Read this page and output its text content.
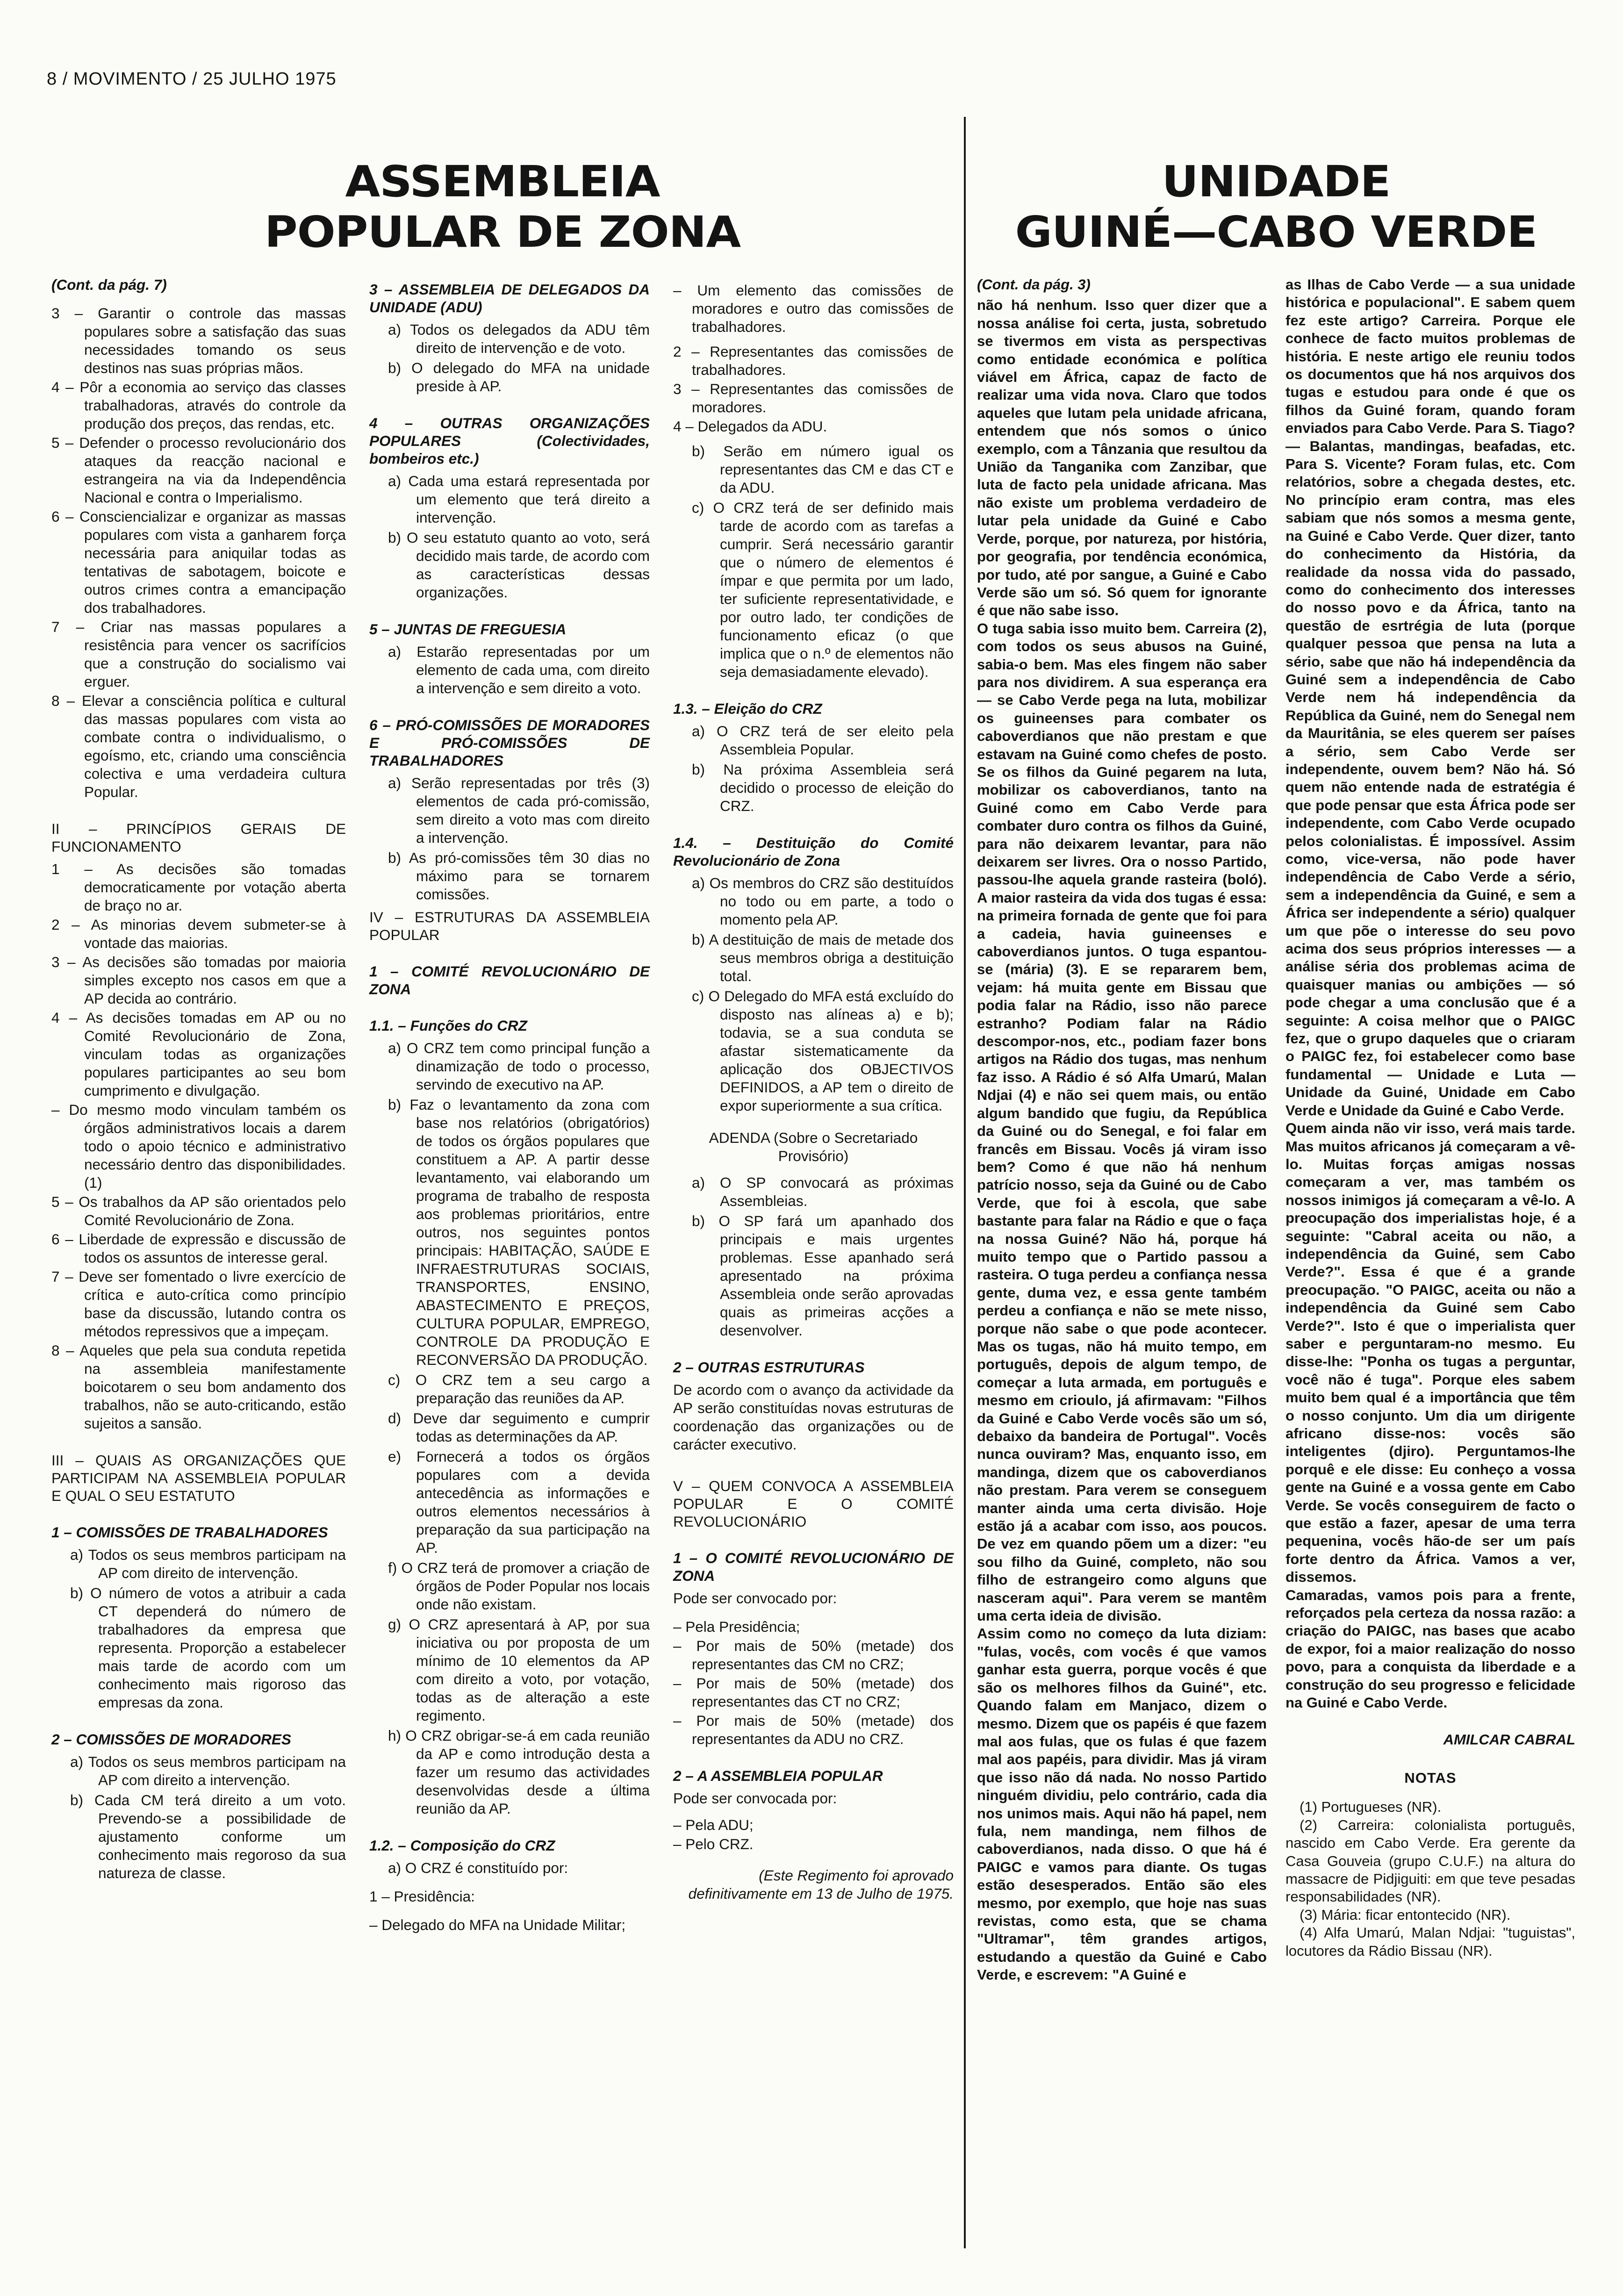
8 / MOVIMENTO / 25 JULHO 1975
ASSEMBLEIA
POPULAR DE ZONA
UNIDADE
GUINÉ—CABO VERDE

(Cont. da pág. 7)

3 – Garantir o controle das massas populares sobre a satisfação das suas necessidades tomando os seus destinos nas suas próprias mãos.

4 – Pôr a economia ao serviço das classes trabalhadoras, através do controle da produção dos preços, das rendas, etc.

5 – Defender o processo revolucionário dos ataques da reacção nacional e estrangeira na via da Independência Nacional e contra o Imperialismo.

6 – Consciencializar e organizar as massas populares com vista a ganharem força necessária para aniquilar todas as tentativas de sabotagem, boicote e outros crimes contra a emancipação dos trabalhadores.

7 – Criar nas massas populares a resistência para vencer os sacrifícios que a construção do socialismo vai erguer.

8 – Elevar a consciência política e cultural das massas populares com vista ao combate contra o individualismo, o egoísmo, etc, criando uma consciência colectiva e uma verdadeira cultura Popular.

II – PRINCÍPIOS GERAIS DE FUNCIONAMENTO

1 – As decisões são tomadas democraticamente por votação aberta de braço no ar.

2 – As minorias devem submeter-se à vontade das maiorias.

3 – As decisões são tomadas por maioria simples excepto nos casos em que a AP decida ao contrário.

4 – As decisões tomadas em AP ou no Comité Revolucionário de Zona, vinculam todas as organizações populares participantes ao seu bom cumprimento e divulgação.

– Do mesmo modo vinculam também os órgãos administrativos locais a darem todo o apoio técnico e administrativo necessário dentro das disponibilidades. (1)

5 – Os trabalhos da AP são orientados pelo Comité Revolucionário de Zona.

6 – Liberdade de expressão e discussão de todos os assuntos de interesse geral.

7 – Deve ser fomentado o livre exercício de crítica e auto-crítica como princípio base da discussão, lutando contra os métodos repressivos que a impeçam.

8 – Aqueles que pela sua conduta repetida na assembleia manifestamente boicotarem o seu bom andamento dos trabalhos, não se auto-criticando, estão sujeitos a sansão.

III – QUAIS AS ORGANIZAÇÕES QUE PARTICIPAM NA ASSEMBLEIA POPULAR E QUAL O SEU ESTATUTO

1 – COMISSÕES DE TRABALHADORES

a) Todos os seus membros participam na AP com direito de intervenção.

b) O número de votos a atribuir a cada CT dependerá do número de trabalhadores da empresa que representa. Proporção a estabelecer mais tarde de acordo com um conhecimento mais rigoroso das empresas da zona.

2 – COMISSÕES DE MORADORES

a) Todos os seus membros participam na AP com direito a intervenção.

b) Cada CM terá direito a um voto. Prevendo-se a possibilidade de ajustamento conforme um conhecimento mais regoroso da sua natureza de classe.

3 – ASSEMBLEIA DE DELEGADOS DA UNIDADE (ADU)

a) Todos os delegados da ADU têm direito de intervenção e de voto.

b) O delegado do MFA na unidade preside à AP.

4 – OUTRAS ORGANIZAÇÕES POPULARES (Colectividades, bombeiros etc.)

a) Cada uma estará representada por um elemento que terá direito a intervenção.

b) O seu estatuto quanto ao voto, será decidido mais tarde, de acordo com as características dessas organizações.

5 – JUNTAS DE FREGUESIA

a) Estarão representadas por um elemento de cada uma, com direito a intervenção e sem direito a voto.

6 – PRÓ-COMISSÕES DE MORADORES E PRÓ-COMISSÕES DE TRABALHADORES

a) Serão representadas por três (3) elementos de cada pró-comissão, sem direito a voto mas com direito a intervenção.

b) As pró-comissões têm 30 dias no máximo para se tornarem comissões.

IV – ESTRUTURAS DA ASSEMBLEIA POPULAR

1 – COMITÉ REVOLUCIONÁRIO DE ZONA

1.1. – Funções do CRZ

a) O CRZ tem como principal função a dinamização de todo o processo, servindo de executivo na AP.

b) Faz o levantamento da zona com base nos relatórios (obrigatórios) de todos os órgãos populares que constituem a AP. A partir desse levantamento, vai elaborando um programa de trabalho de resposta aos problemas prioritários, entre outros, nos seguintes pontos principais: HABITAÇÃO, SAÚDE E INFRAESTRUTURAS SOCIAIS, TRANSPORTES, ENSINO, ABASTECIMENTO E PREÇOS, CULTURA POPULAR, EMPREGO, CONTROLE DA PRODUÇÃO E RECONVERSÃO DA PRODUÇÃO.

c) O CRZ tem a seu cargo a preparação das reuniões da AP.

d) Deve dar seguimento e cumprir todas as determinações da AP.

e) Fornecerá a todos os órgãos populares com a devida antecedência as informações e outros elementos necessários à preparação da sua participação na AP.

f) O CRZ terá de promover a criação de órgãos de Poder Popular nos locais onde não existam.

g) O CRZ apresentará à AP, por sua iniciativa ou por proposta de um mínimo de 10 elementos da AP com direito a voto, por votação, todas as de alteração a este regimento.

h) O CRZ obrigar-se-á em cada reunião da AP e como introdução desta a fazer um resumo das actividades desenvolvidas desde a última reunião da AP.

1.2. – Composição do CRZ

a) O CRZ é constituído por:

1 – Presidência:

– Delegado do MFA na Unidade Militar;

– Um elemento das comissões de moradores e outro das comissões de trabalhadores.

2 – Representantes das comissões de trabalhadores.

3 – Representantes das comissões de moradores.

4 – Delegados da ADU.

b) Serão em número igual os representantes das CM e das CT e da ADU.

c) O CRZ terá de ser definido mais tarde de acordo com as tarefas a cumprir. Será necessário garantir que o número de elementos é ímpar e que permita por um lado, ter suficiente representatividade, e por outro lado, ter condições de funcionamento eficaz (o que implica que o n.º de elementos não seja demasiadamente elevado).

1.3. – Eleição do CRZ

a) O CRZ terá de ser eleito pela Assembleia Popular.

b) Na próxima Assembleia será decidido o processo de eleição do CRZ.

1.4. – Destituição do Comité Revolucionário de Zona

a) Os membros do CRZ são destituídos no todo ou em parte, a todo o momento pela AP.

b) A destituição de mais de metade dos seus membros obriga a destituição total.

c) O Delegado do MFA está excluído do disposto nas alíneas a) e b); todavia, se a sua conduta se afastar sistematicamente da aplicação dos OBJECTIVOS DEFINIDOS, a AP tem o direito de expor superiormente a sua crítica.

ADENDA (Sobre o Secretariado Provisório)

a) O SP convocará as próximas Assembleias.

b) O SP fará um apanhado dos principais e mais urgentes problemas. Esse apanhado será apresentado na próxima Assembleia onde serão aprovadas quais as primeiras acções a desenvolver.

2 – OUTRAS ESTRUTURAS

De acordo com o avanço da actividade da AP serão constituídas novas estruturas de coordenação das organizações ou de carácter executivo.

V – QUEM CONVOCA A ASSEMBLEIA POPULAR E O COMITÉ REVOLUCIONÁRIO

1 – O COMITÉ REVOLUCIONÁRIO DE ZONA

Pode ser convocado por:

– Pela Presidência;

– Por mais de 50% (metade) dos representantes das CM no CRZ;

– Por mais de 50% (metade) dos representantes das CT no CRZ;

– Por mais de 50% (metade) dos representantes da ADU no CRZ.

2 – A ASSEMBLEIA POPULAR

Pode ser convocada por:

– Pela ADU;

– Pelo CRZ.

(Este Regimento foi aprovado definitivamente em 13 de Julho de 1975.

(Cont. da pág. 3)

não há nenhum. Isso quer dizer que a nossa análise foi certa, justa, sobretudo se tivermos em vista as perspectivas como entidade económica e política viável em África, capaz de facto de realizar uma vida nova. Claro que todos aqueles que lutam pela unidade africana, entendem que nós somos o único exemplo, com a Tânzania que resultou da União da Tanganika com Zanzibar, que luta de facto pela unidade africana. Mas não existe um problema verdadeiro de lutar pela unidade da Guiné e Cabo Verde, porque, por natureza, por história, por geografia, por tendência económica, por tudo, até por sangue, a Guiné e Cabo Verde são um só. Só quem for ignorante é que não sabe isso.

O tuga sabia isso muito bem. Carreira (2), com todos os seus abusos na Guiné, sabia-o bem. Mas eles fingem não saber para nos dividirem. A sua esperança era — se Cabo Verde pega na luta, mobilizar os guineenses para combater os caboverdianos que não prestam e que estavam na Guiné como chefes de posto. Se os filhos da Guiné pegarem na luta, mobilizar os caboverdianos, tanto na Guiné como em Cabo Verde para combater duro contra os filhos da Guiné, para não deixarem levantar, para não deixarem ser livres. Ora o nosso Partido, passou-lhe aquela grande rasteira (boló). A maior rasteira da vida dos tugas é essa: na primeira fornada de gente que foi para a cadeia, havia guineenses e caboverdianos juntos. O tuga espantou-se (mária) (3). E se repararem bem, vejam: há muita gente em Bissau que podia falar na Rádio, isso não parece estranho? Podiam falar na Rádio descompor-nos, etc., podiam fazer bons artigos na Rádio dos tugas, mas nenhum faz isso. A Rádio é só Alfa Umarú, Malan Ndjai (4) e não sei quem mais, ou então algum bandido que fugiu, da República da Guiné ou do Senegal, e foi falar em francês em Bissau. Vocês já viram isso bem? Como é que não há nenhum patrício nosso, seja da Guiné ou de Cabo Verde, que foi à escola, que sabe bastante para falar na Rádio e que o faça na nossa Guiné? Não há, porque há muito tempo que o Partido passou a rasteira. O tuga perdeu a confiança nessa gente, duma vez, e essa gente também perdeu a confiança e não se mete nisso, porque não sabe o que pode acontecer. Mas os tugas, não há muito tempo, em português, depois de algum tempo, de começar a luta armada, em português e mesmo em crioulo, já afirmavam: "Filhos da Guiné e Cabo Verde vocês são um só, debaixo da bandeira de Portugal". Vocês nunca ouviram? Mas, enquanto isso, em mandinga, dizem que os caboverdianos não prestam. Para verem se conseguem manter ainda uma certa divisão. Hoje estão já a acabar com isso, aos poucos. De vez em quando põem um a dizer: "eu sou filho da Guiné, completo, não sou filho de estrangeiro como alguns que nasceram aqui". Para verem se mantêm uma certa ideia de divisão.

Assim como no começo da luta diziam: "fulas, vocês, com vocês é que vamos ganhar esta guerra, porque vocês é que são os melhores filhos da Guiné", etc. Quando falam em Manjaco, dizem o mesmo. Dizem que os papéis é que fazem mal aos fulas, que os fulas é que fazem mal aos papéis, para dividir. Mas já viram que isso não dá nada. No nosso Partido ninguém dividiu, pelo contrário, cada dia nos unimos mais. Aqui não há papel, nem fula, nem mandinga, nem filhos de caboverdianos, nada disso. O que há é PAIGC e vamos para diante. Os tugas estão desesperados. Então são eles mesmo, por exemplo, que hoje nas suas revistas, como esta, que se chama "Ultramar", têm grandes artigos, estudando a questão da Guiné e Cabo Verde, e escrevem: "A Guiné e

as Ilhas de Cabo Verde — a sua unidade histórica e populacional". E sabem quem fez este artigo? Carreira. Porque ele conhece de facto muitos problemas de história. E neste artigo ele reuniu todos os documentos que há nos arquivos dos tugas e estudou para onde é que os filhos da Guiné foram, quando foram enviados para Cabo Verde. Para S. Tiago? — Balantas, mandingas, beafadas, etc. Para S. Vicente? Foram fulas, etc. Com relatórios, sobre a chegada destes, etc. No princípio eram contra, mas eles sabiam que nós somos a mesma gente, na Guiné e Cabo Verde. Quer dizer, tanto do conhecimento da História, da realidade da nossa vida do passado, como do conhecimento dos interesses do nosso povo e da África, tanto na questão de esrtrégia de luta (porque qualquer pessoa que pensa na luta a sério, sabe que não há independência da Guiné sem a independência de Cabo Verde nem há independência da República da Guiné, nem do Senegal nem da Mauritânia, se eles querem ser países a sério, sem Cabo Verde ser independente, ouvem bem? Não há. Só quem não entende nada de estratégia é que pode pensar que esta África pode ser independente, com Cabo Verde ocupado pelos colonialistas. É impossível. Assim como, vice-versa, não pode haver independência de Cabo Verde a sério, sem a independência da Guiné, e sem a África ser independente a sério) qualquer um que põe o interesse do seu povo acima dos seus próprios interesses — a análise séria dos problemas acima de quaisquer manias ou ambições — só pode chegar a uma conclusão que é a seguinte: A coisa melhor que o PAIGC fez, que o grupo daqueles que o criaram o PAIGC fez, foi estabelecer como base fundamental — Unidade e Luta — Unidade da Guiné, Unidade em Cabo Verde e Unidade da Guiné e Cabo Verde.

Quem ainda não vir isso, verá mais tarde. Mas muitos africanos já começaram a vê-lo. Muitas forças amigas nossas começaram a ver, mas também os nossos inimigos já começaram a vê-lo. A preocupação dos imperialistas hoje, é a seguinte: "Cabral aceita ou não, a independência da Guiné, sem Cabo Verde?". Essa é que é a grande preocupação. "O PAIGC, aceita ou não a independência da Guiné sem Cabo Verde?". Isto é que o imperialista quer saber e perguntaram-no mesmo. Eu disse-lhe: "Ponha os tugas a perguntar, você não é tuga". Porque eles sabem muito bem qual é a importância que têm o nosso conjunto. Um dia um dirigente africano disse-nos: vocês são inteligentes (djiro). Perguntamos-lhe porquê e ele disse: Eu conheço a vossa gente na Guiné e a vossa gente em Cabo Verde. Se vocês conseguirem de facto o que estão a fazer, apesar de uma terra pequenina, vocês hão-de ser um país forte dentro da África. Vamos a ver, dissemos.

Camaradas, vamos pois para a frente, reforçados pela certeza da nossa razão: a criação do PAIGC, nas bases que acabo de expor, foi a maior realização do nosso povo, para a conquista da liberdade e a construção do seu progresso e felicidade na Guiné e Cabo Verde.

AMILCAR CABRAL

NOTAS

(1) Portugueses (NR).

(2) Carreira: colonialista português, nascido em Cabo Verde. Era gerente da Casa Gouveia (grupo C.U.F.) na altura do massacre de Pidjiguiti: em que teve pesadas responsabilidades (NR).

(3) Mária: ficar entontecido (NR).

(4) Alfa Umarú, Malan Ndjai: "tuguistas", locutores da Rádio Bissau (NR).
